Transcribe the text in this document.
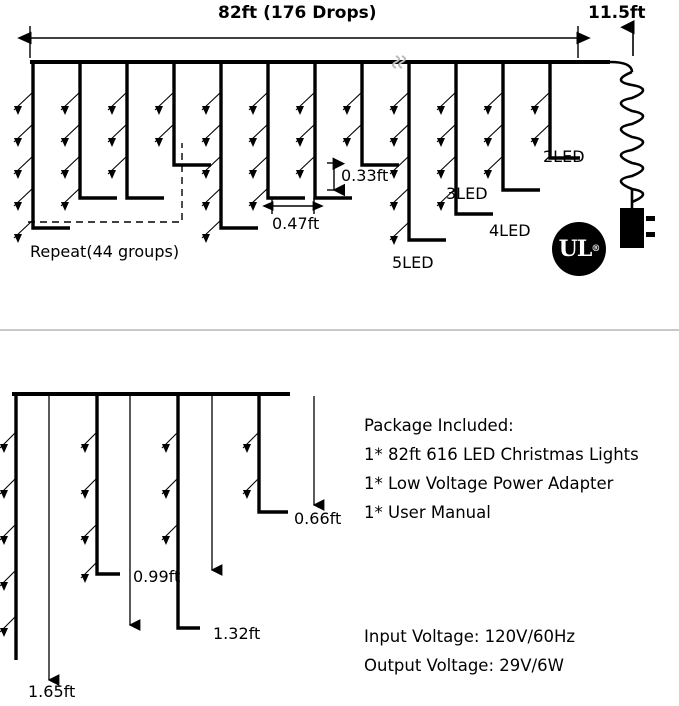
82ft (176 Drops)	11.5ft
0.33ft
0.47ft
Repeat(44 groups)
2LED
3LED
4LED
5LED
UL ®
1.65ft
1.32ft
0.99ft
0.66ft
Package Included:
1* 82ft 616 LED Christmas Lights
1* Low Voltage Power Adapter
1* User Manual
Input Voltage: 120V/60Hz
Output Voltage: 29V/6W
